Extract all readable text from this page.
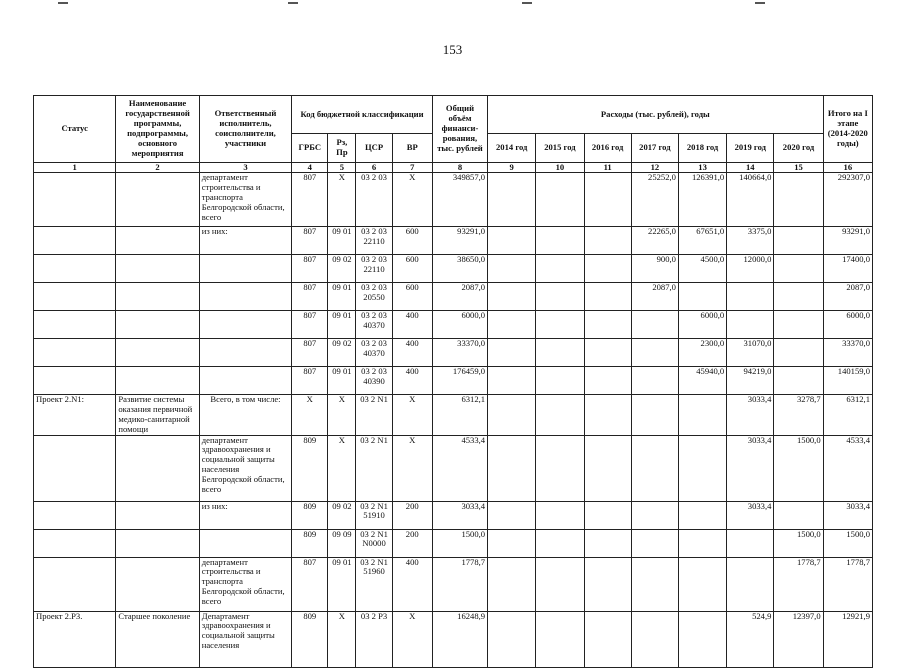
153
Статус	Наименование государственной программы, подпрограммы, основного мероприятия	Ответственный исполнитель, соисполнители, участники	Код бюджетной классификации				Общий объём финанси-рования, тыс. рублей	Расходы (тыс. рублей), годы							Итого на I этапе (2014-2020 годы)
			ГРБС	Рз, Пр	ЦСР	ВР		2014 год	2015 год	2016 год	2017 год	2018 год	2019 год	2020 год	
1	2	3	4	5	6	7	8	9	10	11	12	13	14	15	16
		департамент строительства и транспорта Белгородской области, всего	807	Х	03 2 03	Х	349857,0				25252,0	126391,0	140664,0		292307,0
		из них:	807	09 01	03 2 03 22110	600	93291,0				22265,0	67651,0	3375,0		93291,0
			807	09 02	03 2 03 22110	600	38650,0				900,0	4500,0	12000,0		17400,0
			807	09 01	03 2 03 20550	600	2087,0				2087,0				2087,0
			807	09 01	03 2 03 40370	400	6000,0					6000,0			6000,0
			807	09 02	03 2 03 40370	400	33370,0					2300,0	31070,0		33370,0
			807	09 01	03 2 03 40390	400	176459,0					45940,0	94219,0		140159,0
Проект 2.N1:	Развитие системы оказания первичной медико-санитарной помощи	Всего, в том числе:	Х	Х	03 2 N1	Х	6312,1						3033,4	3278,7	6312,1
		департамент здравоохранения и социальной защиты населения Белгородской области, всего	809	Х	03 2 N1	Х	4533,4						3033,4	1500,0	4533,4
		из них:	809	09 02	03 2 N1 51910	200	3033,4						3033,4		3033,4
			809	09 09	03 2 N1 N0000	200	1500,0							1500,0	1500,0
		департамент строительства и транспорта Белгородской области, всего	807	09 01	03 2 N1 51960	400	1778,7							1778,7	1778,7
Проект 2.Р3.	Старшее поколение	Департамент здравоохранения и социальной защиты населения	809	Х	03 2 Р3	Х	16248,9						524,9	12397,0	12921,9
